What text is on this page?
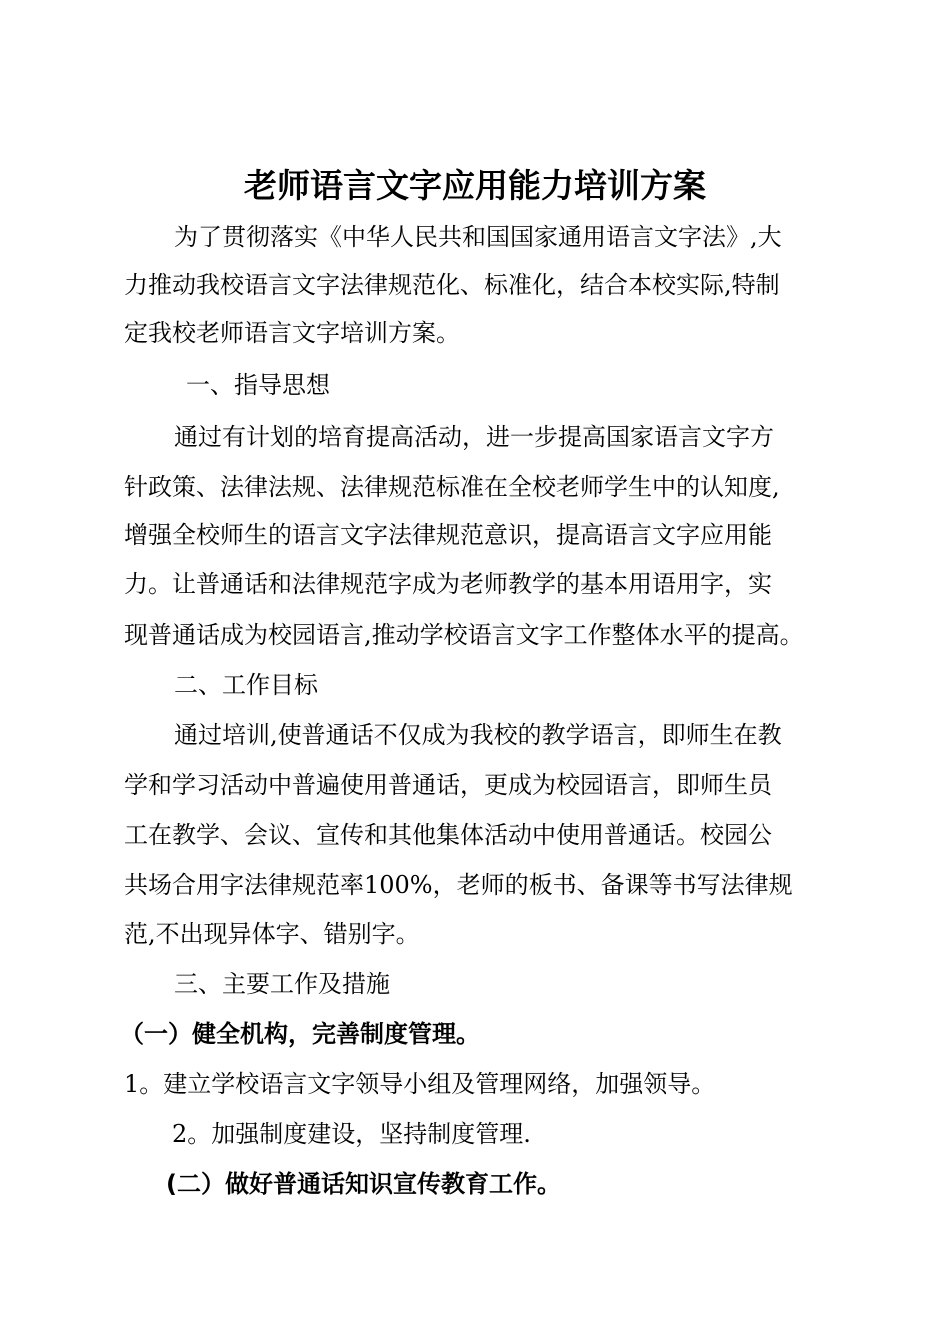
老师语言文字应用能力培训方案
为了贯彻落实《中华人民共和国国家通用语言文字法》,大
力推动我校语言文字法律规范化、标准化，结合本校实际,特制
定我校老师语言文字培训方案。
一、指导思想
通过有计划的培育提高活动，进一步提高国家语言文字方
针政策、法律法规、法律规范标准在全校老师学生中的认知度,
增强全校师生的语言文字法律规范意识，提高语言文字应用能
力。让普通话和法律规范字成为老师教学的基本用语用字，实
现普通话成为校园语言,推动学校语言文字工作整体水平的提高。
二、工作目标
通过培训,使普通话不仅成为我校的教学语言，即师生在教
学和学习活动中普遍使用普通话，更成为校园语言，即师生员
工在教学、会议、宣传和其他集体活动中使用普通话。校园公
共场合用字法律规范率100%，老师的板书、备课等书写法律规
范,不出现异体字、错别字。
三、主要工作及措施
（一）健全机构，完善制度管理。
1。建立学校语言文字领导小组及管理网络，加强领导。
2。加强制度建设，坚持制度管理.
(二）做好普通话知识宣传教育工作。
